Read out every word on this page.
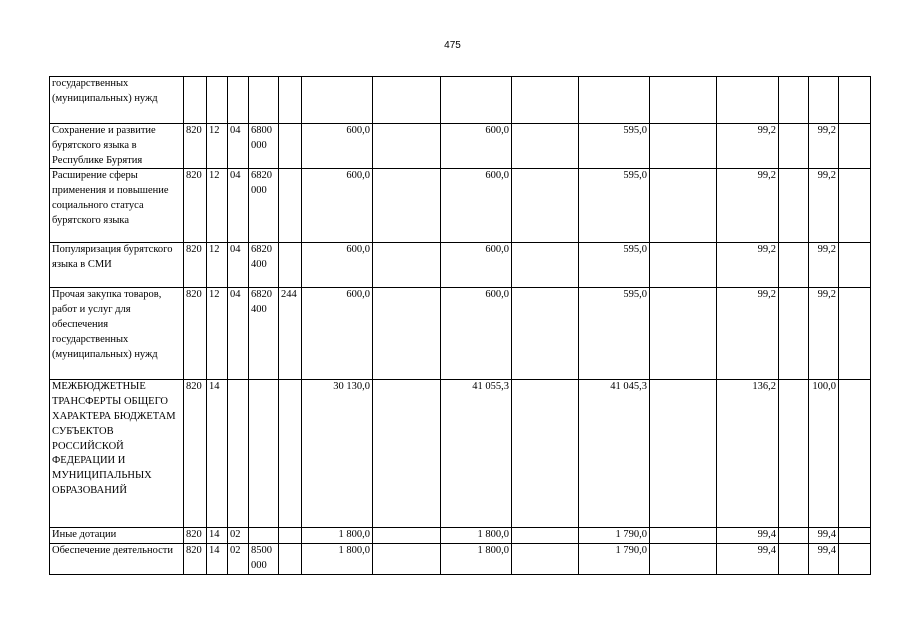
475
государственных (муниципальных) нужд															
Сохранение и развитие бурятского языка в Республике Бурятия	820	12	04	6800 000		600,0		600,0		595,0		99,2		99,2	
Расширение сферы применения и повышение социального статуса бурятского языка	820	12	04	6820 000		600,0		600,0		595,0		99,2		99,2	
Популяризация бурятского языка в СМИ	820	12	04	6820 400		600,0		600,0		595,0		99,2		99,2	
Прочая закупка товаров, работ и услуг для обеспечения государственных (муниципальных) нужд	820	12	04	6820 400	244	600,0		600,0		595,0		99,2		99,2	
МЕЖБЮДЖЕТНЫЕ ТРАНСФЕРТЫ ОБЩЕГО ХАРАКТЕРА БЮДЖЕТАМ СУБЪЕКТОВ РОССИЙСКОЙ ФЕДЕРАЦИИ И МУНИЦИПАЛЬНЫХ ОБРАЗОВАНИЙ	820	14				30 130,0		41 055,3		41 045,3		136,2		100,0	
Иные дотации	820	14	02			1 800,0		1 800,0		1 790,0		99,4		99,4	
Обеспечение деятельности	820	14	02	8500 000		1 800,0		1 800,0		1 790,0		99,4		99,4	
